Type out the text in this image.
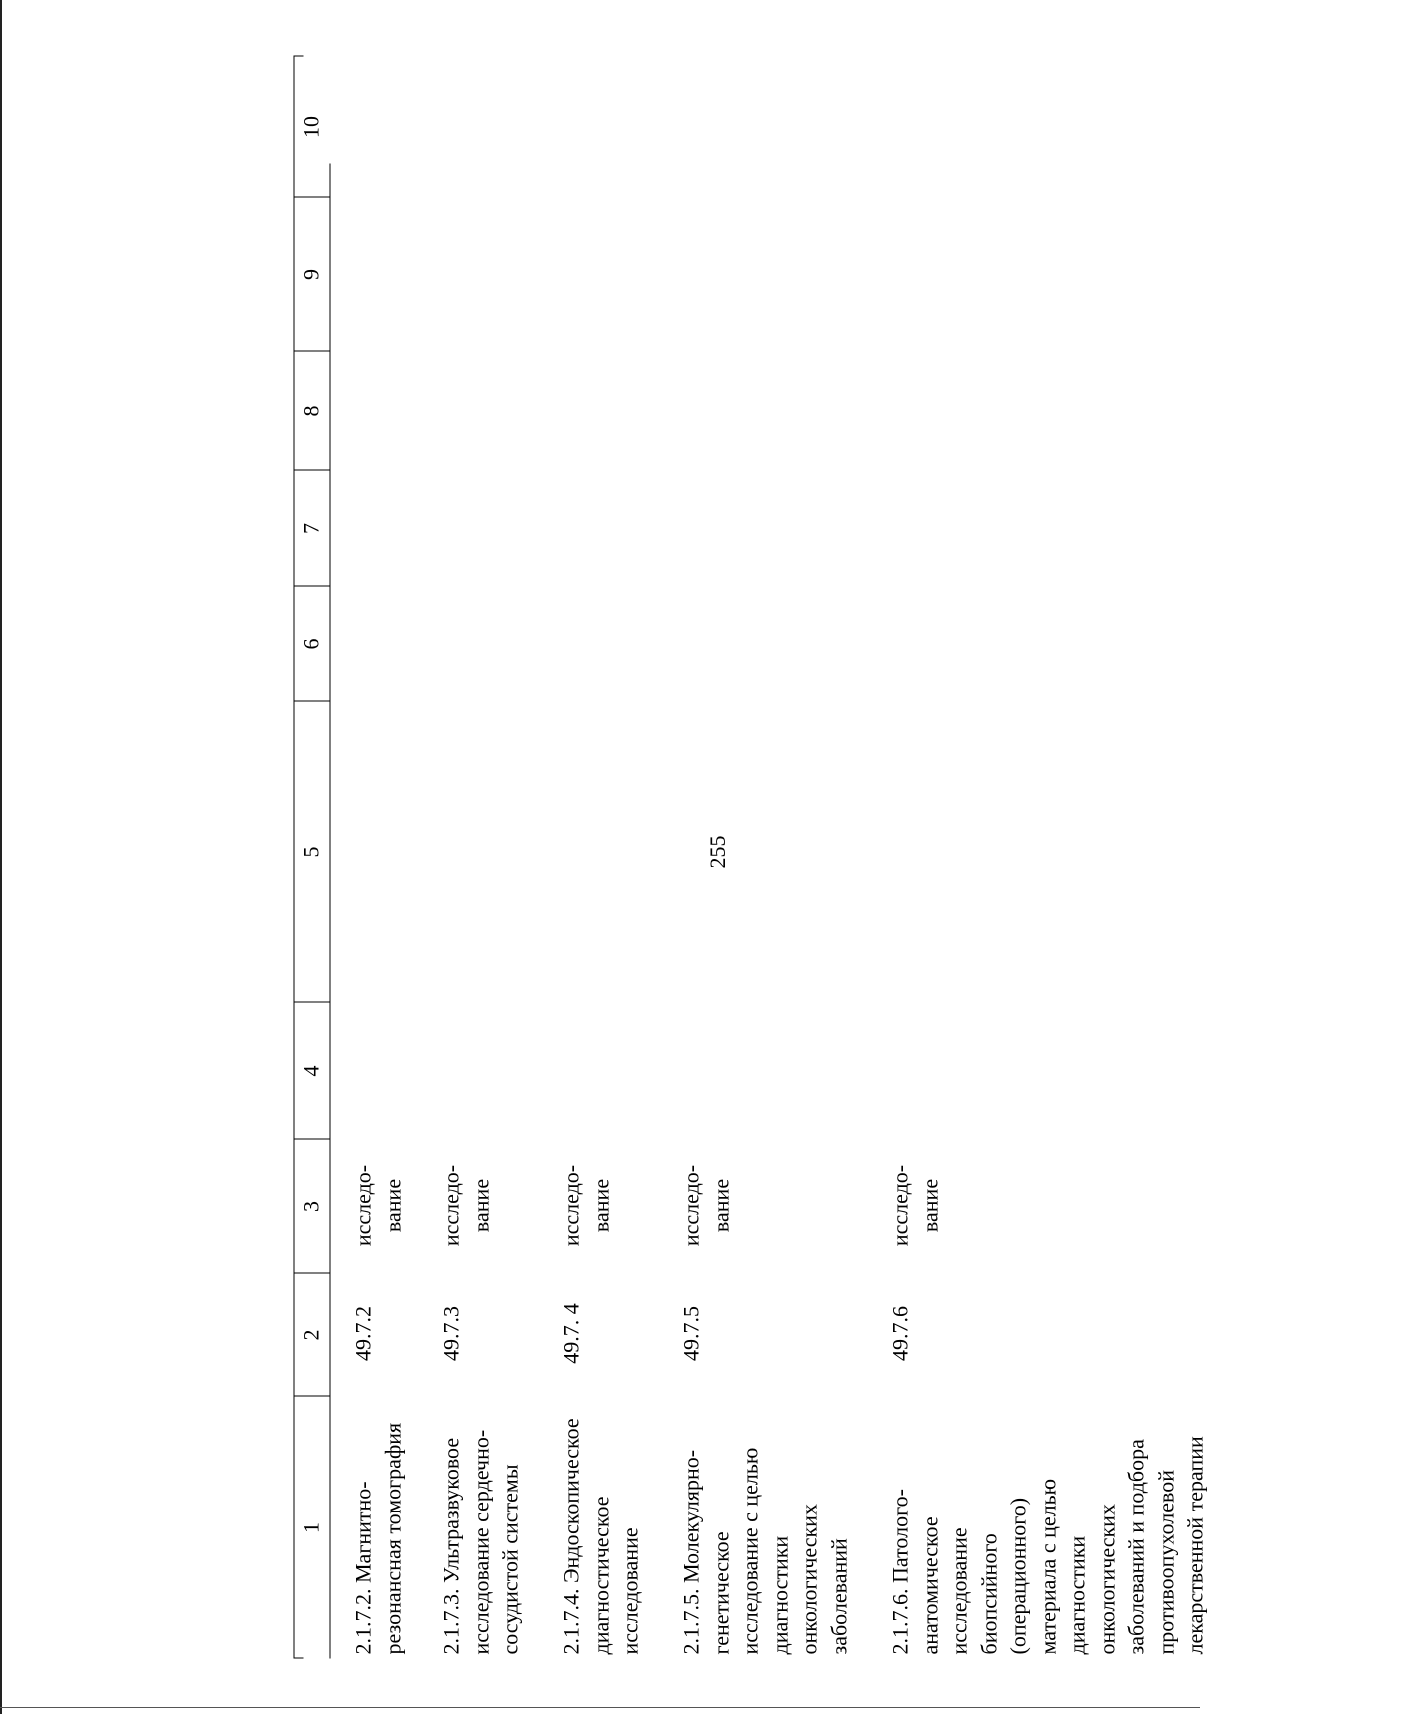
255
1
2
3
4
5
6
7
8
9
10
2.1.7.2. Магнитно- резонансная томография
49.7.2
исследо- вание
2.1.7.3. Ультразвуковое исследование сердечно- сосудистой системы
49.7.3
исследо- вание
2.1.7.4. Эндоскопическое диагностическое исследование
49.7. 4
исследо- вание
2.1.7.5. Молекулярно- генетическое исследование с целью диагностики онкологических заболеваний
49.7.5
исследо- вание
2.1.7.6. Патолого- анатомическое исследование биопсийного (операционного) материала с целью диагностики онкологических заболеваний и подбора противоопухолевой лекарственной терапии
49.7.6
исследо- вание
